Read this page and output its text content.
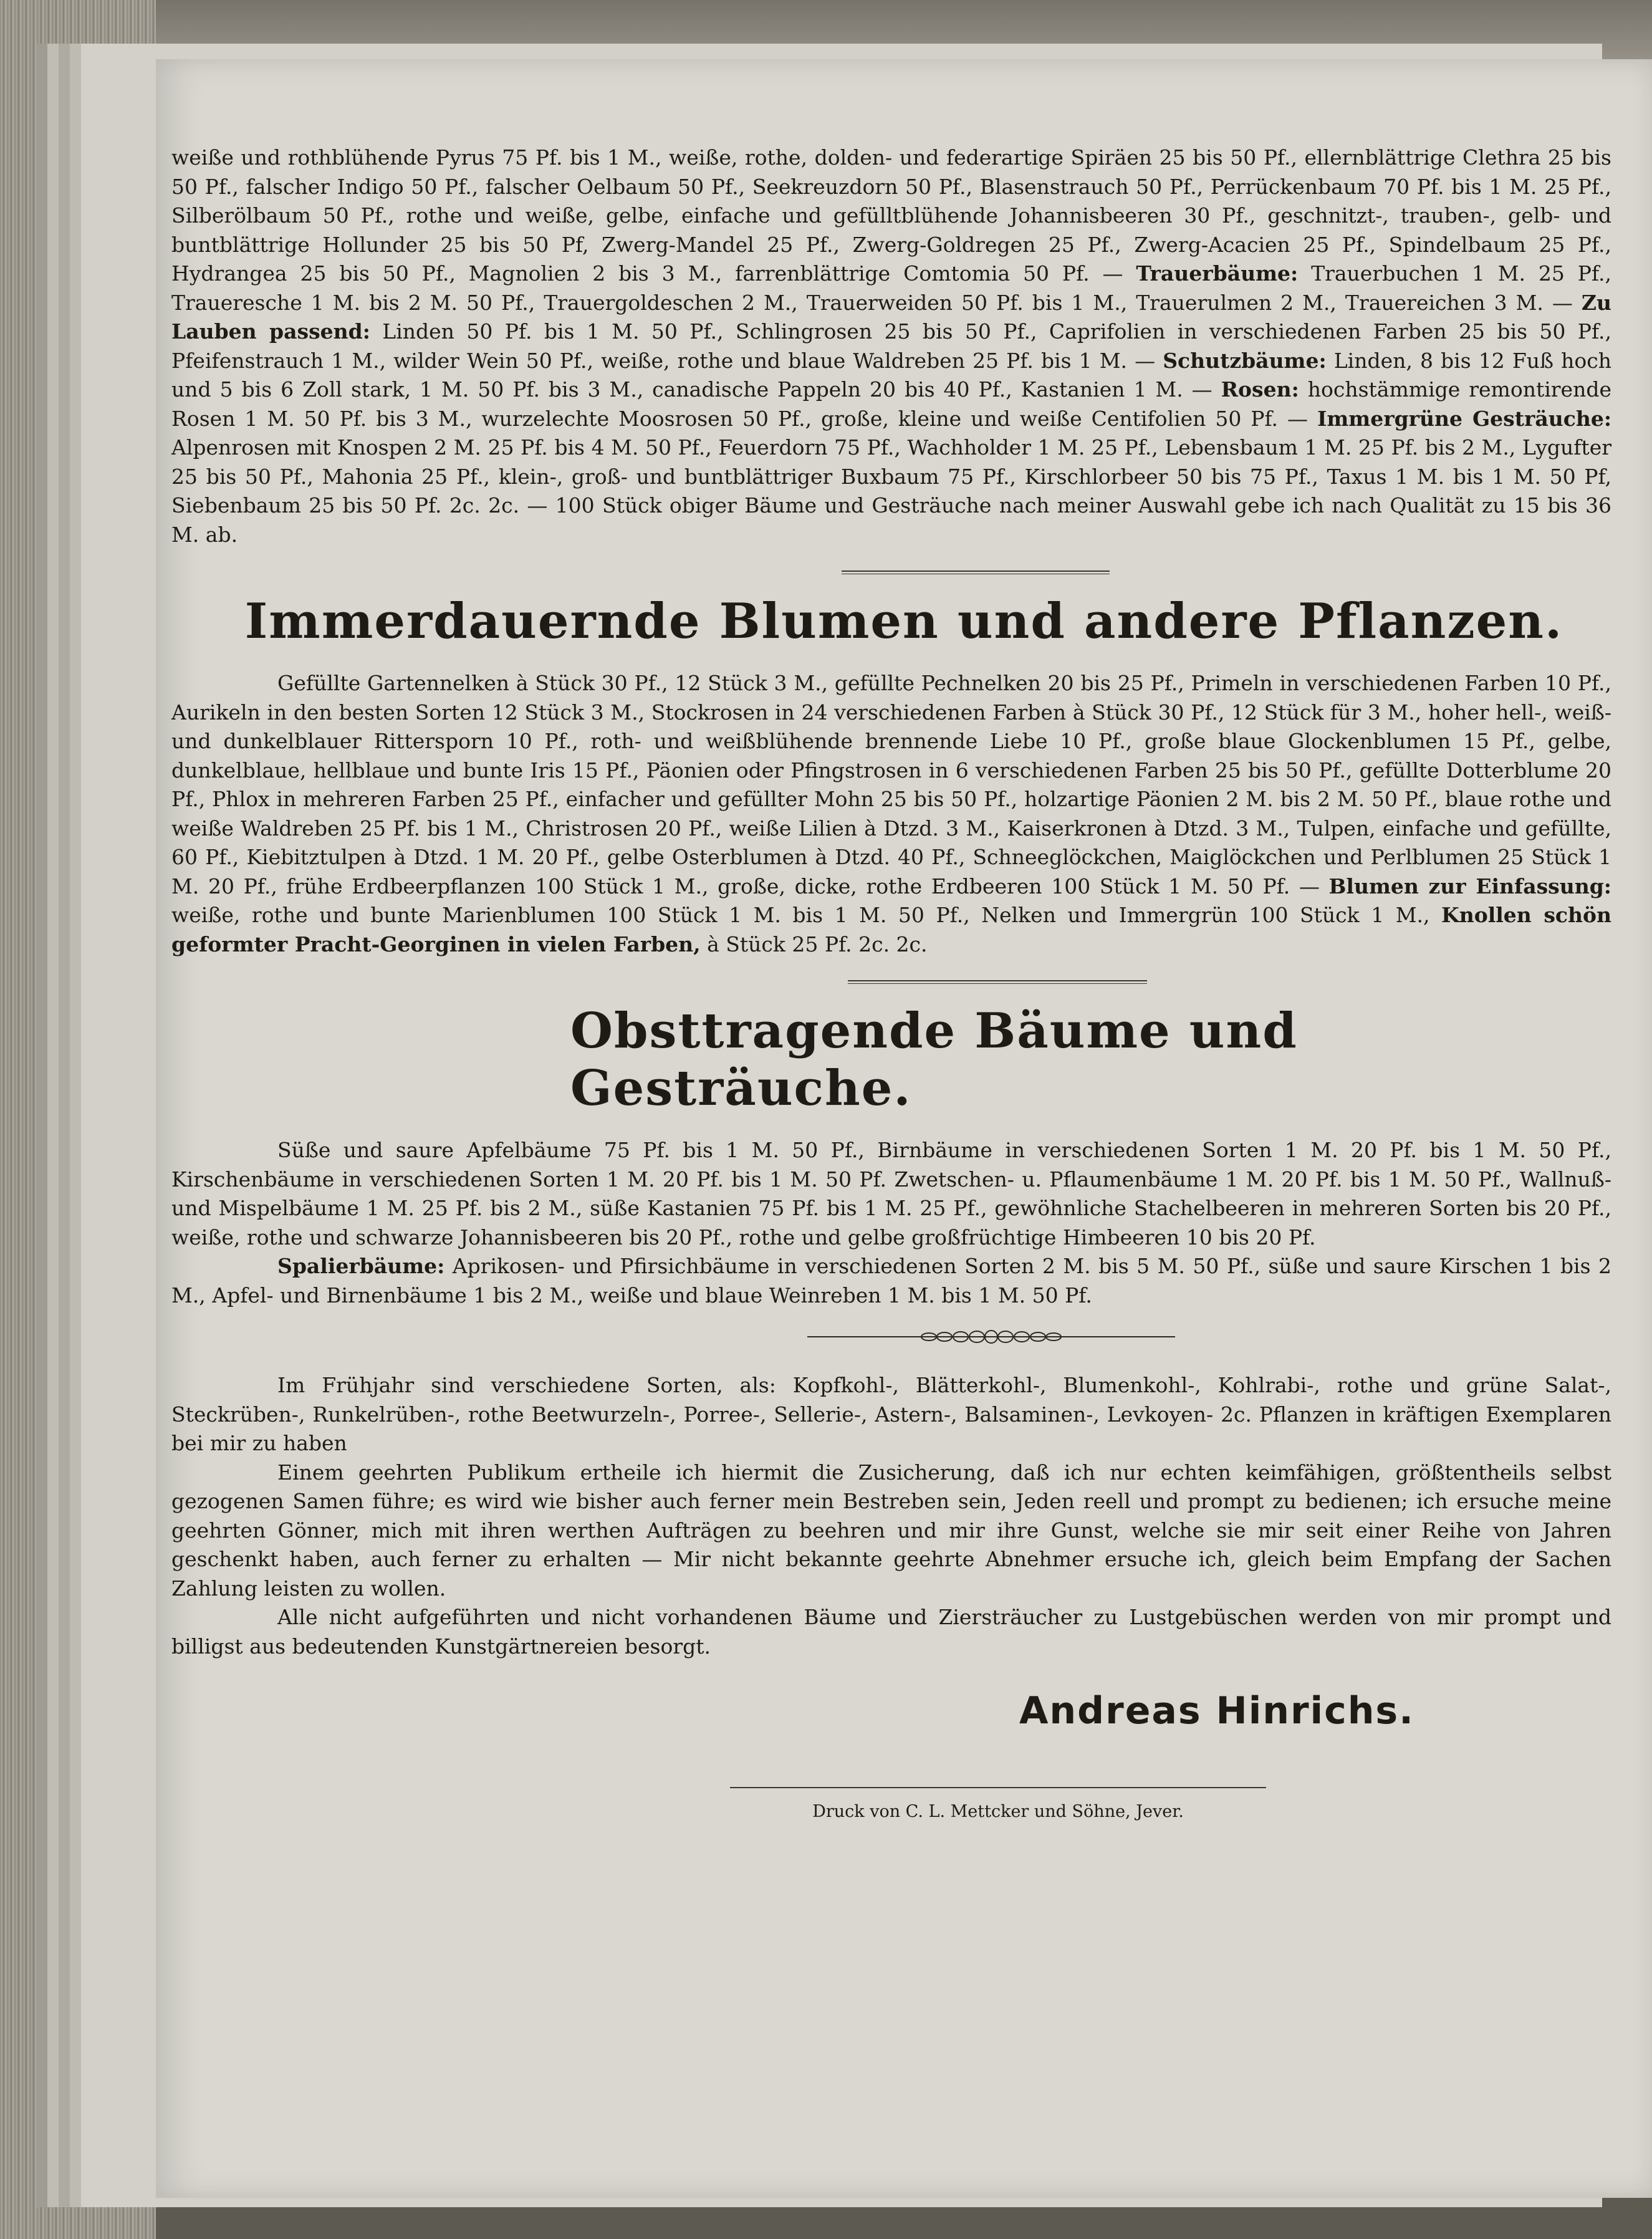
weiße und rothblühende Pyrus 75 Pf. bis 1 M., weiße, rothe, dolden- und federartige Spiräen 25 bis 50 Pf., ellernblättrige Clethra 25 bis 50 Pf., falscher Indigo 50 Pf., falscher Oelbaum 50 Pf., Seekreuzdorn 50 Pf., Blasenstrauch 50 Pf., Perrückenbaum 70 Pf. bis 1 M. 25 Pf., Silberölbaum 50 Pf., rothe und weiße, gelbe, einfache und gefülltblühende Johannisbeeren 30 Pf., geschnitzt-, trauben-, gelb- und buntblättrige Hollunder 25 bis 50 Pf, Zwerg-Mandel 25 Pf., Zwerg-Goldregen 25 Pf., Zwerg-Acacien 25 Pf., Spindelbaum 25 Pf., Hydrangea 25 bis 50 Pf., Magnolien 2 bis 3 M., farrenblättrige Comtomia 50 Pf. — Trauerbäume: Trauerbuchen 1 M. 25 Pf., Traueresche 1 M. bis 2 M. 50 Pf., Trauergoldeschen 2 M., Trauerweiden 50 Pf. bis 1 M., Trauerulmen 2 M., Trauereichen 3 M. — Zu Lauben passend: Linden 50 Pf. bis 1 M. 50 Pf., Schlingrosen 25 bis 50 Pf., Caprifolien in verschiedenen Farben 25 bis 50 Pf., Pfeifenstrauch 1 M., wilder Wein 50 Pf., weiße, rothe und blaue Waldreben 25 Pf. bis 1 M. — Schutzbäume: Linden, 8 bis 12 Fuß hoch und 5 bis 6 Zoll stark, 1 M. 50 Pf. bis 3 M., canadische Pappeln 20 bis 40 Pf., Kastanien 1 M. — Rosen: hochstämmige remontirende Rosen 1 M. 50 Pf. bis 3 M., wurzelechte Moosrosen 50 Pf., große, kleine und weiße Centifolien 50 Pf. — Immergrüne Gesträuche: Alpenrosen mit Knospen 2 M. 25 Pf. bis 4 M. 50 Pf., Feuerdorn 75 Pf., Wachholder 1 M. 25 Pf., Lebensbaum 1 M. 25 Pf. bis 2 M., Lygufter 25 bis 50 Pf., Mahonia 25 Pf., klein-, groß- und buntblättriger Buxbaum 75 Pf., Kirschlorbeer 50 bis 75 Pf., Taxus 1 M. bis 1 M. 50 Pf, Siebenbaum 25 bis 50 Pf. 2c. 2c. — 100 Stück obiger Bäume und Gesträuche nach meiner Auswahl gebe ich nach Qualität zu 15 bis 36 M. ab.

Immerdauernde Blumen und andere Pflanzen.

Gefüllte Gartennelken à Stück 30 Pf., 12 Stück 3 M., gefüllte Pechnelken 20 bis 25 Pf., Primeln in verschiedenen Farben 10 Pf., Aurikeln in den besten Sorten 12 Stück 3 M., Stockrosen in 24 verschiedenen Farben à Stück 30 Pf., 12 Stück für 3 M., hoher hell-, weiß- und dunkelblauer Rittersporn 10 Pf., roth- und weißblühende brennende Liebe 10 Pf., große blaue Glockenblumen 15 Pf., gelbe, dunkelblaue, hellblaue und bunte Iris 15 Pf., Päonien oder Pfingstrosen in 6 verschiedenen Farben 25 bis 50 Pf., gefüllte Dotterblume 20 Pf., Phlox in mehreren Farben 25 Pf., einfacher und gefüllter Mohn 25 bis 50 Pf., holzartige Päonien 2 M. bis 2 M. 50 Pf., blaue rothe und weiße Waldreben 25 Pf. bis 1 M., Christrosen 20 Pf., weiße Lilien à Dtzd. 3 M., Kaiserkronen à Dtzd. 3 M., Tulpen, einfache und gefüllte, 60 Pf., Kiebitztulpen à Dtzd. 1 M. 20 Pf., gelbe Osterblumen à Dtzd. 40 Pf., Schneeglöckchen, Maiglöckchen und Perlblumen 25 Stück 1 M. 20 Pf., frühe Erdbeerpflanzen 100 Stück 1 M., große, dicke, rothe Erdbeeren 100 Stück 1 M. 50 Pf. — Blumen zur Einfassung: weiße, rothe und bunte Marienblumen 100 Stück 1 M. bis 1 M. 50 Pf., Nelken und Immergrün 100 Stück 1 M., Knollen schön geformter Pracht-Georginen in vielen Farben, à Stück 25 Pf. 2c. 2c.

Obsttragende Bäume und Gesträuche.

Süße und saure Apfelbäume 75 Pf. bis 1 M. 50 Pf., Birnbäume in verschiedenen Sorten 1 M. 20 Pf. bis 1 M. 50 Pf., Kirschenbäume in verschiedenen Sorten 1 M. 20 Pf. bis 1 M. 50 Pf. Zwetschen- u. Pflaumenbäume 1 M. 20 Pf. bis 1 M. 50 Pf., Wallnuß- und Mispelbäume 1 M. 25 Pf. bis 2 M., süße Kastanien 75 Pf. bis 1 M. 25 Pf., gewöhnliche Stachelbeeren in mehreren Sorten bis 20 Pf., weiße, rothe und schwarze Johannisbeeren bis 20 Pf., rothe und gelbe großfrüchtige Himbeeren 10 bis 20 Pf.

Spalierbäume: Aprikosen- und Pfirsichbäume in verschiedenen Sorten 2 M. bis 5 M. 50 Pf., süße und saure Kirschen 1 bis 2 M., Apfel- und Birnenbäume 1 bis 2 M., weiße und blaue Weinreben 1 M. bis 1 M. 50 Pf.

Im Frühjahr sind verschiedene Sorten, als: Kopfkohl-, Blätterkohl-, Blumenkohl-, Kohlrabi-, rothe und grüne Salat-, Steckrüben-, Runkelrüben-, rothe Beetwurzeln-, Porree-, Sellerie-, Astern-, Balsaminen-, Levkoyen- 2c. Pflanzen in kräftigen Exemplaren bei mir zu haben

Einem geehrten Publikum ertheile ich hiermit die Zusicherung, daß ich nur echten keimfähigen, größtentheils selbst gezogenen Samen führe; es wird wie bisher auch ferner mein Bestreben sein, Jeden reell und prompt zu bedienen; ich ersuche meine geehrten Gönner, mich mit ihren werthen Aufträgen zu beehren und mir ihre Gunst, welche sie mir seit einer Reihe von Jahren geschenkt haben, auch ferner zu erhalten — Mir nicht bekannte geehrte Abnehmer ersuche ich, gleich beim Empfang der Sachen Zahlung leisten zu wollen.

Alle nicht aufgeführten und nicht vorhandenen Bäume und Ziersträucher zu Lustgebüschen werden von mir prompt und billigst aus bedeutenden Kunstgärtnereien besorgt.

Andreas Hinrichs.
Druck von C. L. Mettcker und Söhne, Jever.
